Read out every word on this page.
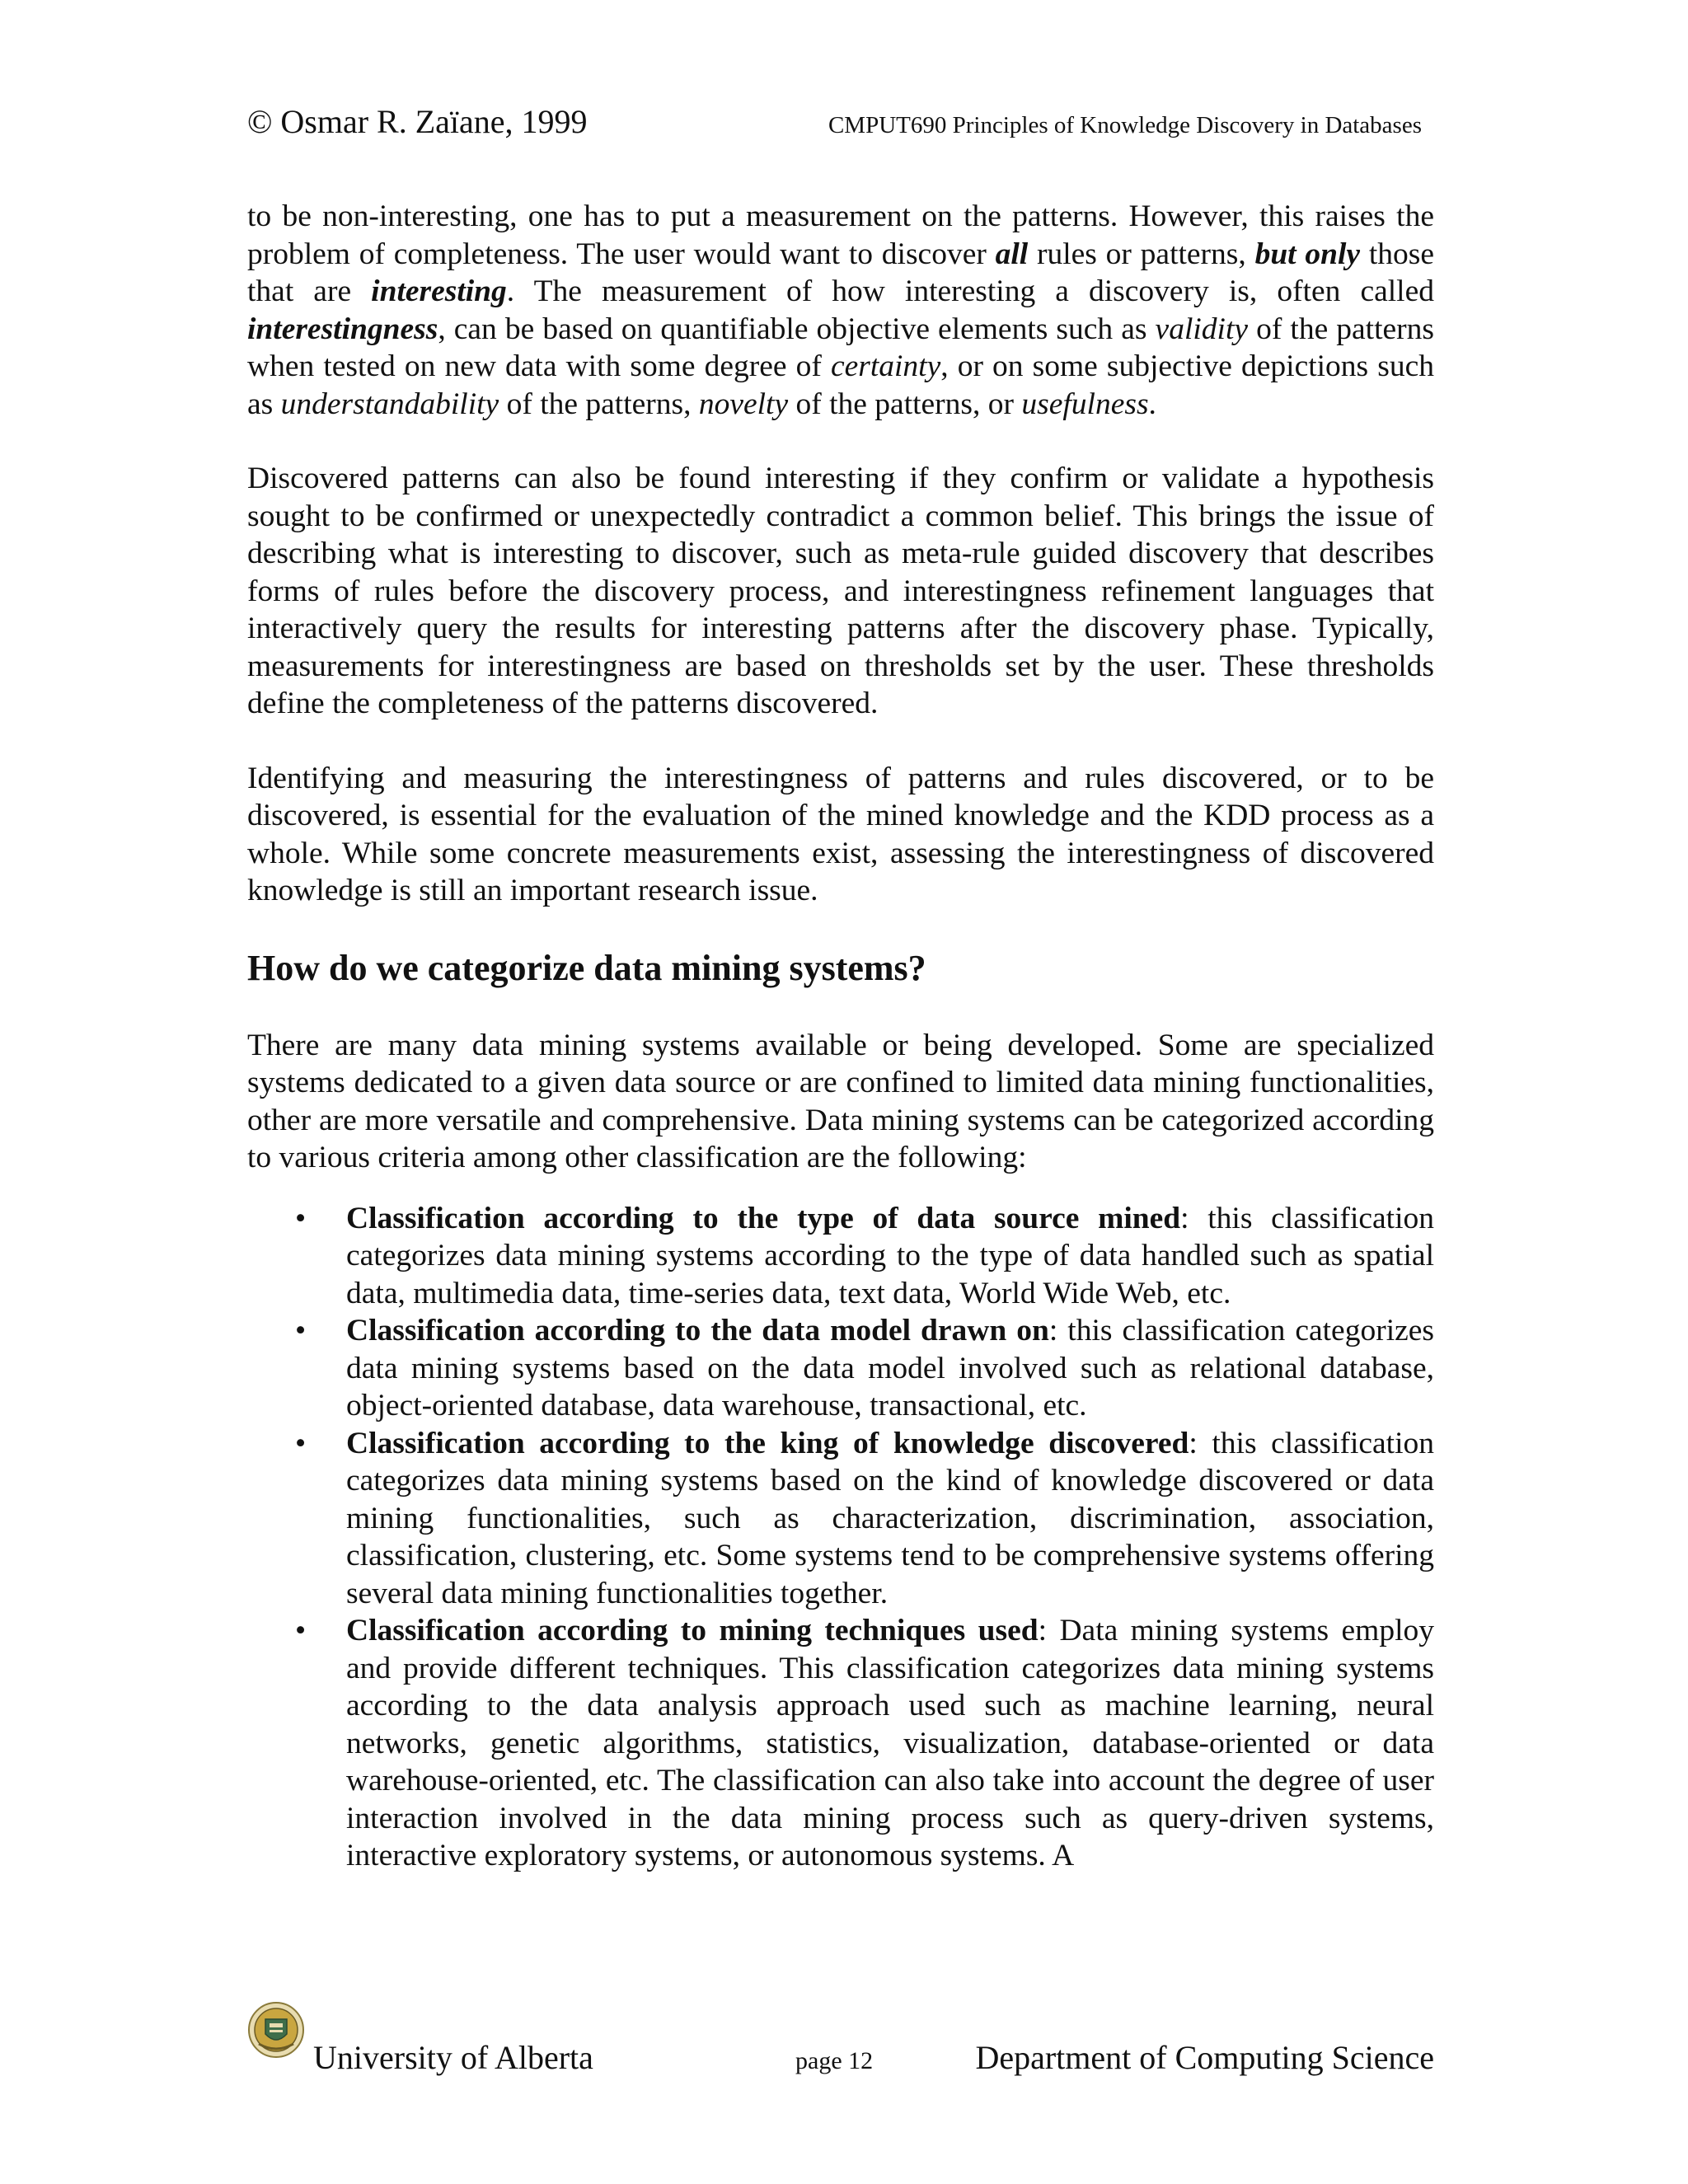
© Osmar R. Zaïane, 1999	CMPUT690 Principles of Knowledge Discovery in Databases

to be non-interesting, one has to put a measurement on the patterns. However, this raises the problem of completeness. The user would want to discover all rules or patterns, but only those that are interesting. The measurement of how interesting a discovery is, often called interestingness, can be based on quantifiable objective elements such as validity of the patterns when tested on new data with some degree of certainty, or on some subjective depictions such as understandability of the patterns, novelty of the patterns, or usefulness.

Discovered patterns can also be found interesting if they confirm or validate a hypothesis sought to be confirmed or unexpectedly contradict a common belief. This brings the issue of describing what is interesting to discover, such as meta-rule guided discovery that describes forms of rules before the discovery process, and interestingness refinement languages that interactively query the results for interesting patterns after the discovery phase. Typically, measurements for interestingness are based on thresholds set by the user. These thresholds define the completeness of the patterns discovered.

Identifying and measuring the interestingness of patterns and rules discovered, or to be discovered, is essential for the evaluation of the mined knowledge and the KDD process as a whole. While some concrete measurements exist, assessing the interestingness of discovered knowledge is still an important research issue.

How do we categorize data mining systems?

There are many data mining systems available or being developed. Some are specialized systems dedicated to a given data source or are confined to limited data mining functionalities, other are more versatile and comprehensive. Data mining systems can be categorized according to various criteria among other classification are the following:

• Classification according to the type of data source mined: this classification categorizes data mining systems according to the type of data handled such as spatial data, multimedia data, time-series data, text data, World Wide Web, etc.
• Classification according to the data model drawn on: this classification categorizes data mining systems based on the data model involved such as relational database, object-oriented database, data warehouse, transactional, etc.
• Classification according to the king of knowledge discovered: this classification categorizes data mining systems based on the kind of knowledge discovered or data mining functionalities, such as characterization, discrimination, association, classification, clustering, etc. Some systems tend to be comprehensive systems offering several data mining functionalities together.
• Classification according to mining techniques used: Data mining systems employ and provide different techniques. This classification categorizes data mining systems according to the data analysis approach used such as machine learning, neural networks, genetic algorithms, statistics, visualization, database-oriented or data warehouse-oriented, etc. The classification can also take into account the degree of user interaction involved in the data mining process such as query-driven systems, interactive exploratory systems, or autonomous systems. A
University of Alberta	page 12	Department of Computing Science
